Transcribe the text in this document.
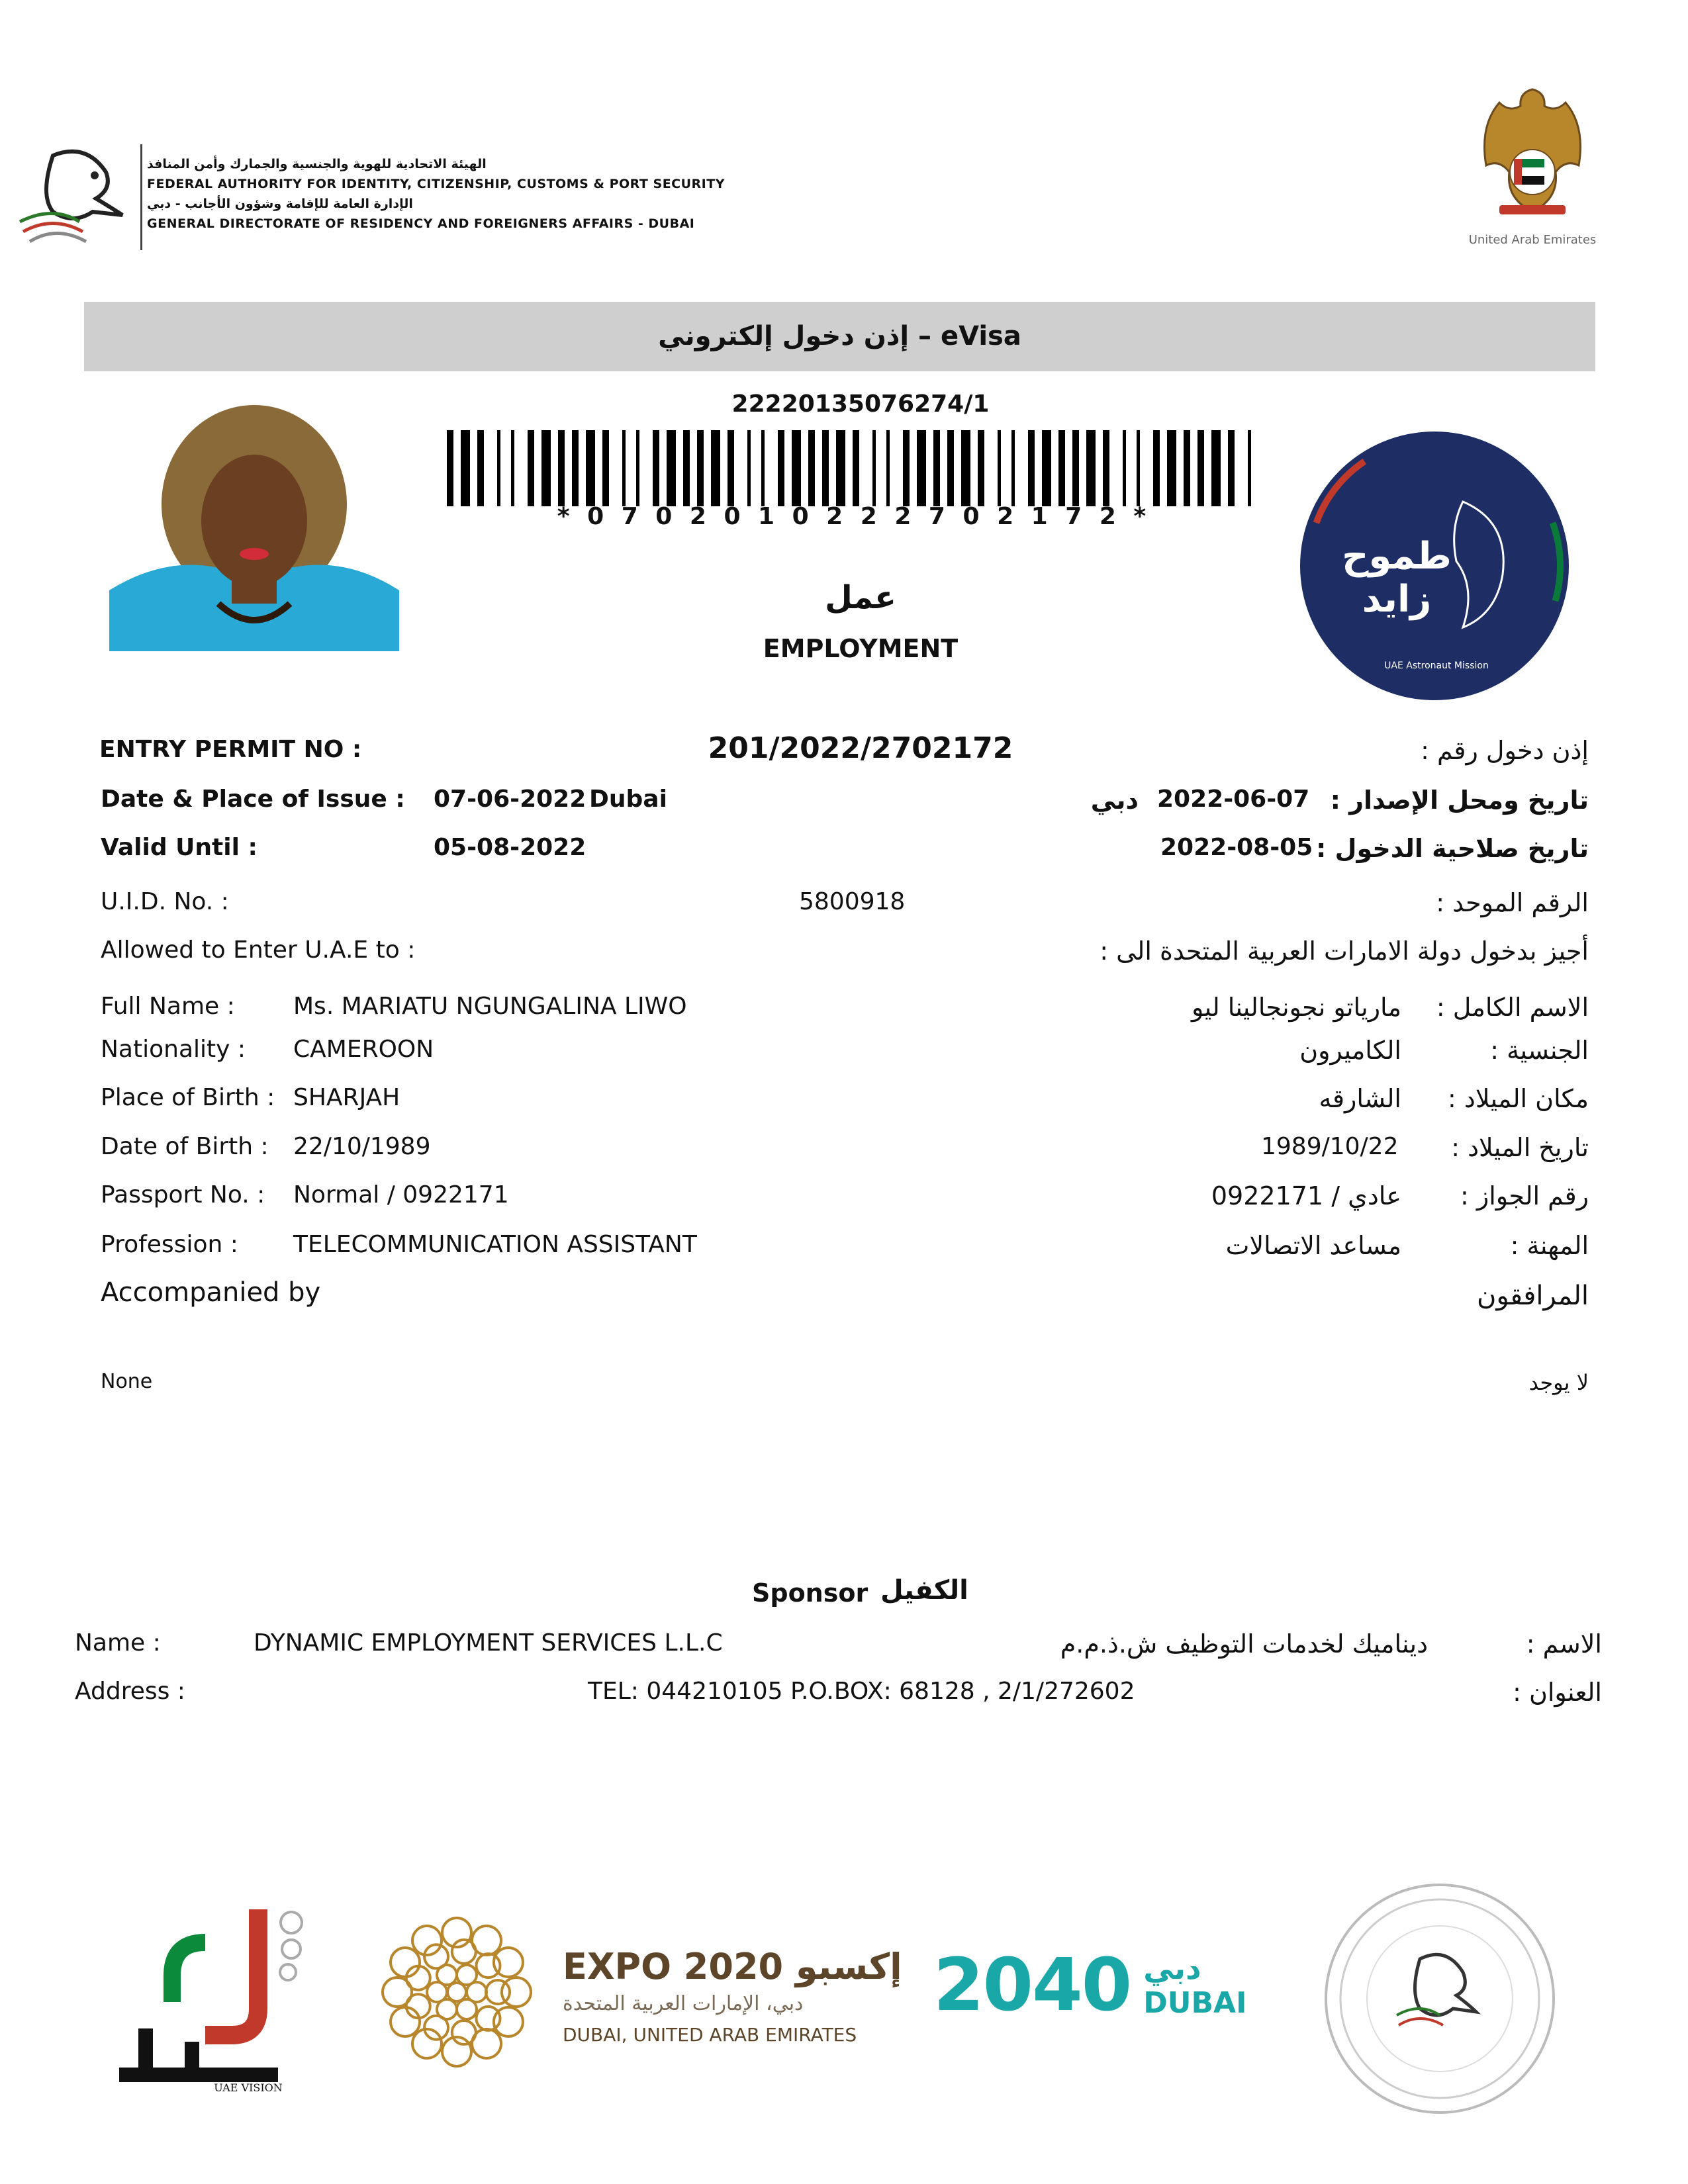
الهيئة الاتحادية للهوية والجنسية والجمارك وأمن المنافذ
FEDERAL AUTHORITY FOR IDENTITY, CITIZENSHIP, CUSTOMS & PORT SECURITY
الإدارة العامة للإقامة وشؤون الأجانب - دبي
GENERAL DIRECTORATE OF RESIDENCY AND FOREIGNERS AFFAIRS - DUBAI
United Arab Emirates
إذن دخول إلكتروني – eVisa
22220135076274/1
* 0 7 0 2 0 1 0 2 2 2 7 0 2 1 7 2 *
عمل
EMPLOYMENT
طموح
زايد
UAE Astronaut Mission
ENTRY PERMIT NO :	201/2022/2702172	إذن دخول رقم :
Date & Place of Issue : 07-06-2022 Dubai	دبي 2022-06-07 تاريخ ومحل الإصدار :
Valid Until :	05-08-2022	2022-08-05 تاريخ صلاحية الدخول :
U.I.D. No. :	5800918	الرقم الموحد :
Allowed to Enter U.A.E to :	أجيز بدخول دولة الامارات العربية المتحدة الى :
Full Name : Ms. MARIATU NGUNGALINA LIWO	مارياتو نجونجالينا ليو الاسم الكامل :
Nationality : CAMEROON	الكاميرون	الجنسية :
Place of Birth : SHARJAH	الشارقه مكان الميلاد :
Date of Birth : 22/10/1989	1989/10/22 تاريخ الميلاد :
Passport No. : Normal / 0922171	عادي / 0922171 رقم الجواز :
Profession : TELECOMMUNICATION ASSISTANT	مساعد الاتصالات	المهنة :
Accompanied by	المرافقون
None	لا يوجد
Sponsor الكفيل
Name :	DYNAMIC EMPLOYMENT SERVICES L.L.C	ديناميك لخدمات التوظيف ش.ذ.م.م	الاسم :
Address :	TEL: 044210105 P.O.BOX: 68128 , 2/1/272602	العنوان :
UAE VISION
EXPO 2020 إكسبو
دبي، الإمارات العربية المتحدة
DUBAI, UNITED ARAB EMIRATES
2040 دبي
DUBAI
